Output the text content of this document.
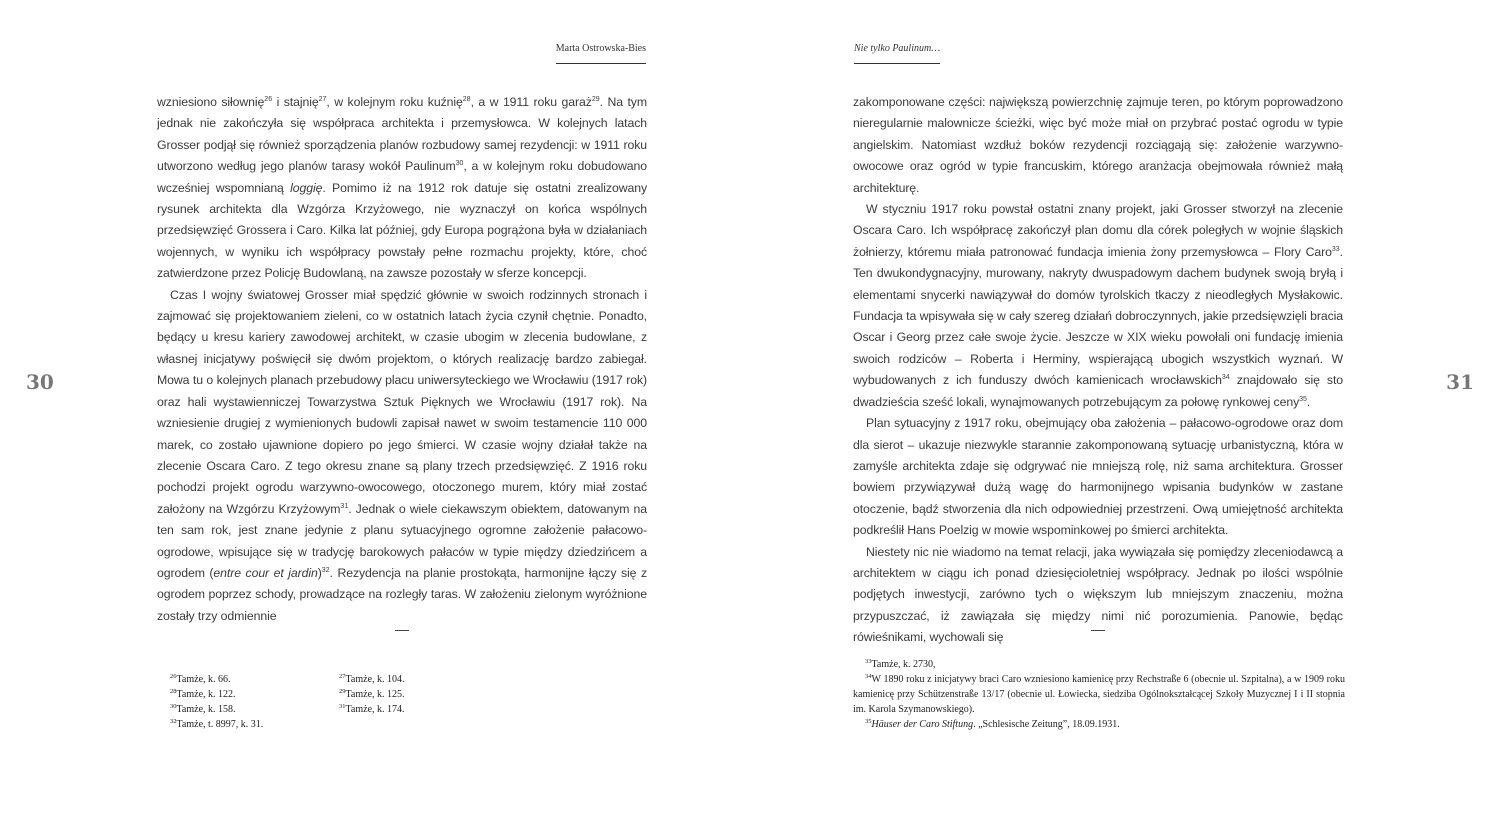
Marta Ostrowska-Bies
30

wzniesiono siłownię$^{26}$ i stajnię$^{27}$, w kolejnym roku kuźnię$^{28}$, a w 1911 roku garaż$^{29}$. Na tym jednak nie zakończyła się współpraca architekta i przemysłowca. W kolejnych latach Grosser podjął się również sporządzenia planów rozbudowy samej rezydencji: w 1911 roku utworzono według jego planów tarasy wokół Paulinum$^{30}$, a w kolejnym roku dobudowano wcześniej wspomnianą loggię. Pomimo iż na 1912 rok datuje się ostatni zrealizowany rysunek architekta dla Wzgórza Krzyżowego, nie wyznaczył on końca wspólnych przedsięwzięć Grossera i Caro. Kilka lat później, gdy Europa pogrążona była w działaniach wojennych, w wyniku ich współpracy powstały pełne rozmachu projekty, które, choć zatwierdzone przez Policję Budowlaną, na zawsze pozostały w sferze koncepcji.

Czas I wojny światowej Grosser miał spędzić głównie w swoich rodzinnych stronach i zajmować się projektowaniem zieleni, co w ostatnich latach życia czynił chętnie. Ponadto, będący u kresu kariery zawodowej architekt, w czasie ubogim w zlecenia budowlane, z własnej inicjatywy poświęcił się dwóm projektom, o których realizację bardzo zabiegał. Mowa tu o kolejnych planach przebudowy placu uniwersyteckiego we Wrocławiu (1917 rok) oraz hali wystawienniczej Towarzystwa Sztuk Pięknych we Wrocławiu (1917 rok). Na wzniesienie drugiej z wymienionych budowli zapisał nawet w swoim testamencie 110 000 marek, co zostało ujawnione dopiero po jego śmierci. W czasie wojny działał także na zlecenie Oscara Caro. Z tego okresu znane są plany trzech przedsięwzięć. Z 1916 roku pochodzi projekt ogrodu warzywno-owocowego, otoczonego murem, który miał zostać założony na Wzgórzu Krzyżowym$^{31}$. Jednak o wiele ciekawszym obiektem, datowanym na ten sam rok, jest znane jedynie z planu sytuacyjnego ogromne założenie pałacowo-ogrodowe, wpisujące się w tradycję barokowych pałaców w typie między dziedzińcem a ogrodem (entre cour et jardin)$^{32}$. Rezydencja na planie prostokąta, harmonijne łączy się z ogrodem poprzez schody, prowadzące na rozległy taras. W założeniu zielonym wyróżnione zostały trzy odmiennie

$^{26}$Tamże, k. 66.	$^{27}$Tamże, k. 104.
$^{28}$Tamże, k. 122.	$^{29}$Tamże, k. 125.
$^{30}$Tamże, k. 158.	$^{31}$Tamże, k. 174.
$^{32}$Tamże, t. 8997, k. 31.
Nie tylko Paulinum…
31

zakomponowane części: największą powierzchnię zajmuje teren, po którym poprowadzono nieregularnie malownicze ścieżki, więc być może miał on przybrać postać ogrodu w typie angielskim. Natomiast wzdłuż boków rezydencji rozciągają się: założenie warzywno-owocowe oraz ogród w typie francuskim, którego aranżacja obejmowała również małą architekturę.

W styczniu 1917 roku powstał ostatni znany projekt, jaki Grosser stworzył na zlecenie Oscara Caro. Ich współpracę zakończył plan domu dla córek poległych w wojnie śląskich żołnierzy, któremu miała patronować fundacja imienia żony przemysłowca – Flory Caro$^{33}$. Ten dwukondygnacyjny, murowany, nakryty dwuspadowym dachem budynek swoją bryłą i elementami snycerki nawiązywał do domów tyrolskich tkaczy z nieodległych Mysłakowic. Fundacja ta wpisywała się w cały szereg działań dobroczynnych, jakie przedsięwzięli bracia Oscar i Georg przez całe swoje życie. Jeszcze w XIX wieku powołali oni fundację imienia swoich rodziców – Roberta i Herminy, wspierającą ubogich wszystkich wyznań. W wybudowanych z ich funduszy dwóch kamienicach wrocławskich$^{34}$ znajdowało się sto dwadzieścia sześć lokali, wynajmowanych potrzebującym za połowę rynkowej ceny$^{35}$.

Plan sytuacyjny z 1917 roku, obejmujący oba założenia – pałacowo-ogrodowe oraz dom dla sierot – ukazuje niezwykle starannie zakomponowaną sytuację urbanistyczną, która w zamyśle architekta zdaje się odgrywać nie mniejszą rolę, niż sama architektura. Grosser bowiem przywiązywał dużą wagę do harmonijnego wpisania budynków w zastane otoczenie, bądź stworzenia dla nich odpowiedniej przestrzeni. Ową umiejętność architekta podkreślił Hans Poelzig w mowie wspominkowej po śmierci architekta.

Niestety nic nie wiadomo na temat relacji, jaka wywiązała się pomiędzy zleceniodawcą a architektem w ciągu ich ponad dziesięcioletniej współpracy. Jednak po ilości wspólnie podjętych inwestycji, zarówno tych o większym lub mniejszym znaczeniu, można przypuszczać, iż zawiązała się między nimi nić porozumienia. Panowie, będąc rówieśnikami, wychowali się

$^{33}$Tamże, k. 2730,
$^{34}$W 1890 roku z inicjatywy braci Caro wzniesiono kamienicę przy Rechstraße 6 (obecnie ul. Szpitalna), a w 1909 roku kamienicę przy Schützenstraße 13/17 (obecnie ul. Łowiecka, siedziba Ogólnokształcącej Szkoły Muzycznej I i II stopnia im. Karola Szymanowskiego).
$^{35}$Häuser der Caro Stiftung. „Schlesische Zeitung”, 18.09.1931.
